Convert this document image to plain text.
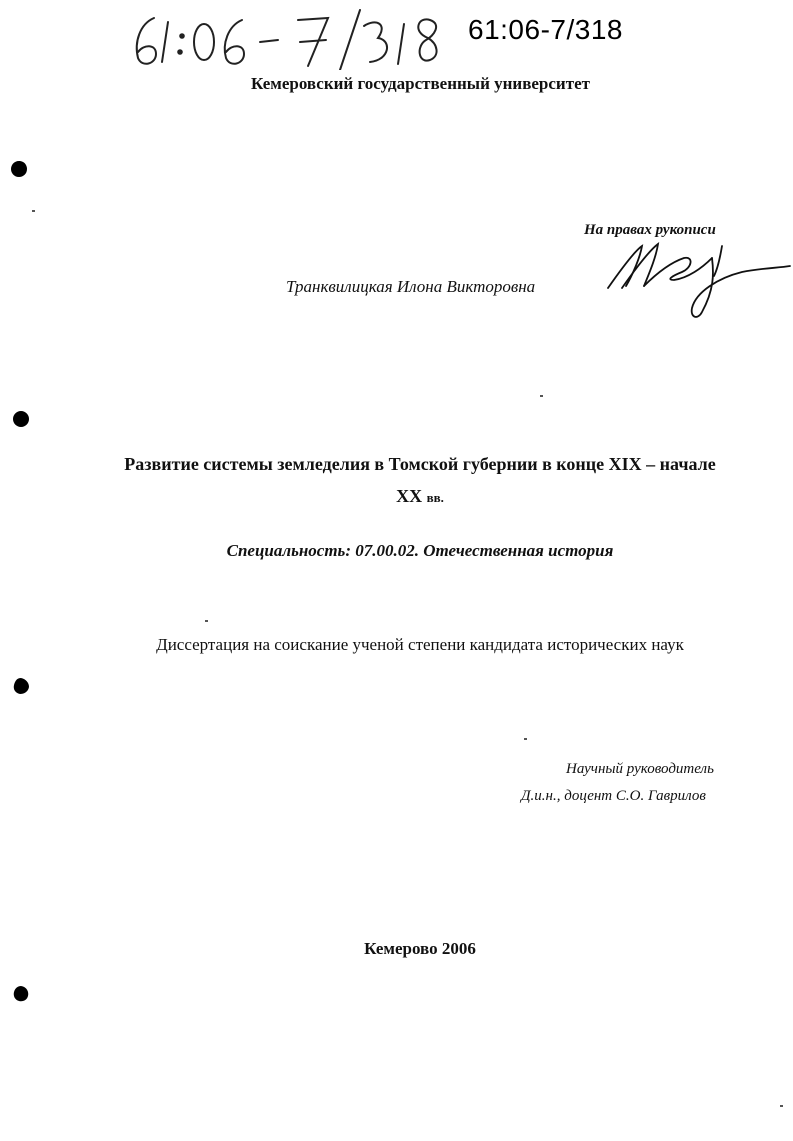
61:06-7/318
Кемеровский государственный университет
На правах рукописи
Транквилицкая Илона Викторовна
Развитие системы земледелия в Томской губернии в конце XIX – начале
XX вв.
Специальность: 07.00.02. Отечественная история
Диссертация на соискание ученой степени кандидата исторических наук
Научный руководитель
Д.и.н., доцент С.О. Гаврилов
Кемерово 2006
